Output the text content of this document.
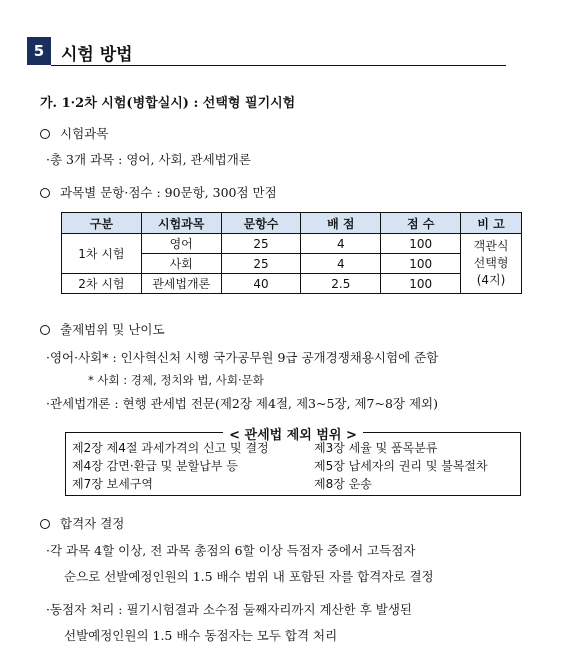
5 시험 방법
가. 1·2차 시험(병합실시) : 선택형 필기시험
시험과목
·총 3개 과목 : 영어, 사회, 관세법개론
과목별 문항·점수 : 90문항, 300점 만점
구분	시험과목	문항수	배 점	점 수	비 고
1차 시험	영어	25	4	100	객관식
선택형
(4지)

	사회	25	4	100	
2차 시험	관세법개론	40	2.5	100	
출제범위 및 난이도
·영어·사회* : 인사혁신처 시행 국가공무원 9급 공개경쟁채용시험에 준함
* 사회 : 경제, 정치와 법, 사회·문화
·관세법개론 : 현행 관세법 전문(제2장 제4절, 제3~5장, 제7~8장 제외)
< 관세법 제외 범위 >
제2장 제4절 과세가격의 신고 및 결정	제3장 세율 및 품목분류
제4장 감면·환급 및 분할납부 등	제5장 납세자의 권리 및 불복절차
제7장 보세구역	제8장 운송
합격자 결정
·각 과목 4할 이상, 전 과목 총점의 6할 이상 득점자 중에서 고득점자
순으로 선발예정인원의 1.5 배수 범위 내 포함된 자를 합격자로 결정
·동점자 처리 : 필기시험결과 소수점 둘째자리까지 계산한 후 발생된
선발예정인원의 1.5 배수 동점자는 모두 합격 처리
